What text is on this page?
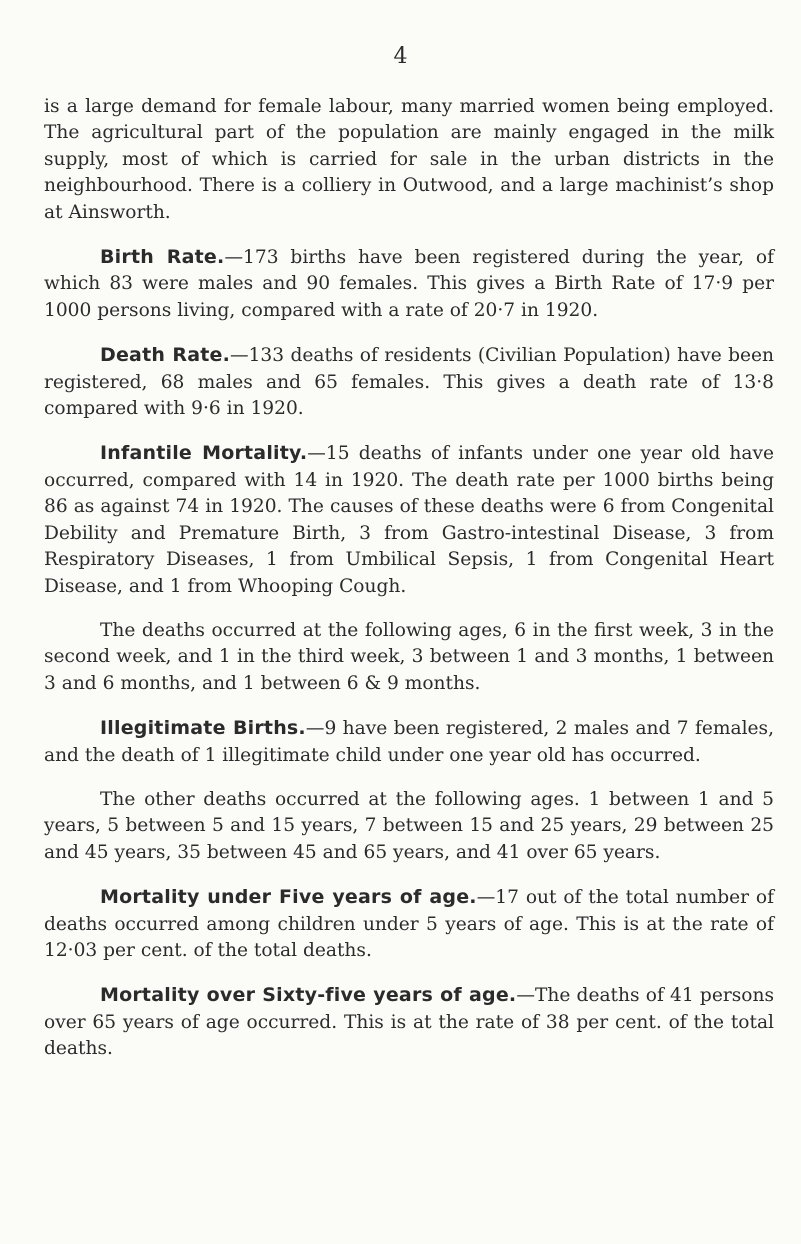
4

is a large demand for female labour, many married women being employed. The agricultural part of the population are mainly engaged in the milk supply, most of which is carried for sale in the urban districts in the neighbourhood. There is a colliery in Outwood, and a large machinist’s shop at Ainsworth.

Birth Rate.—173 births have been registered during the year, of which 83 were males and 90 females. This gives a Birth Rate of 17·9 per 1000 persons living, compared with a rate of 20·7 in 1920.

Death Rate.—133 deaths of residents (Civilian Population) have been registered, 68 males and 65 females. This gives a death rate of 13·8 compared with 9·6 in 1920.

Infantile Mortality.—15 deaths of infants under one year old have occurred, compared with 14 in 1920. The death rate per 1000 births being 86 as against 74 in 1920. The causes of these deaths were 6 from Congenital Debility and Premature Birth, 3 from Gastro-intestinal Disease, 3 from Respiratory Diseases, 1 from Umbilical Sepsis, 1 from Congenital Heart Disease, and 1 from Whooping Cough.

The deaths occurred at the following ages, 6 in the first week, 3 in the second week, and 1 in the third week, 3 between 1 and 3 months, 1 between 3 and 6 months, and 1 between 6 & 9 months.

Illegitimate Births.—9 have been registered, 2 males and 7 females, and the death of 1 illegitimate child under one year old has occurred.

The other deaths occurred at the following ages. 1 between 1 and 5 years, 5 between 5 and 15 years, 7 between 15 and 25 years, 29 between 25 and 45 years, 35 between 45 and 65 years, and 41 over 65 years.

Mortality under Five years of age.—17 out of the total number of deaths occurred among children under 5 years of age. This is at the rate of 12·03 per cent. of the total deaths.

Mortality over Sixty-five years of age.—The deaths of 41 persons over 65 years of age occurred. This is at the rate of 38 per cent. of the total deaths.
